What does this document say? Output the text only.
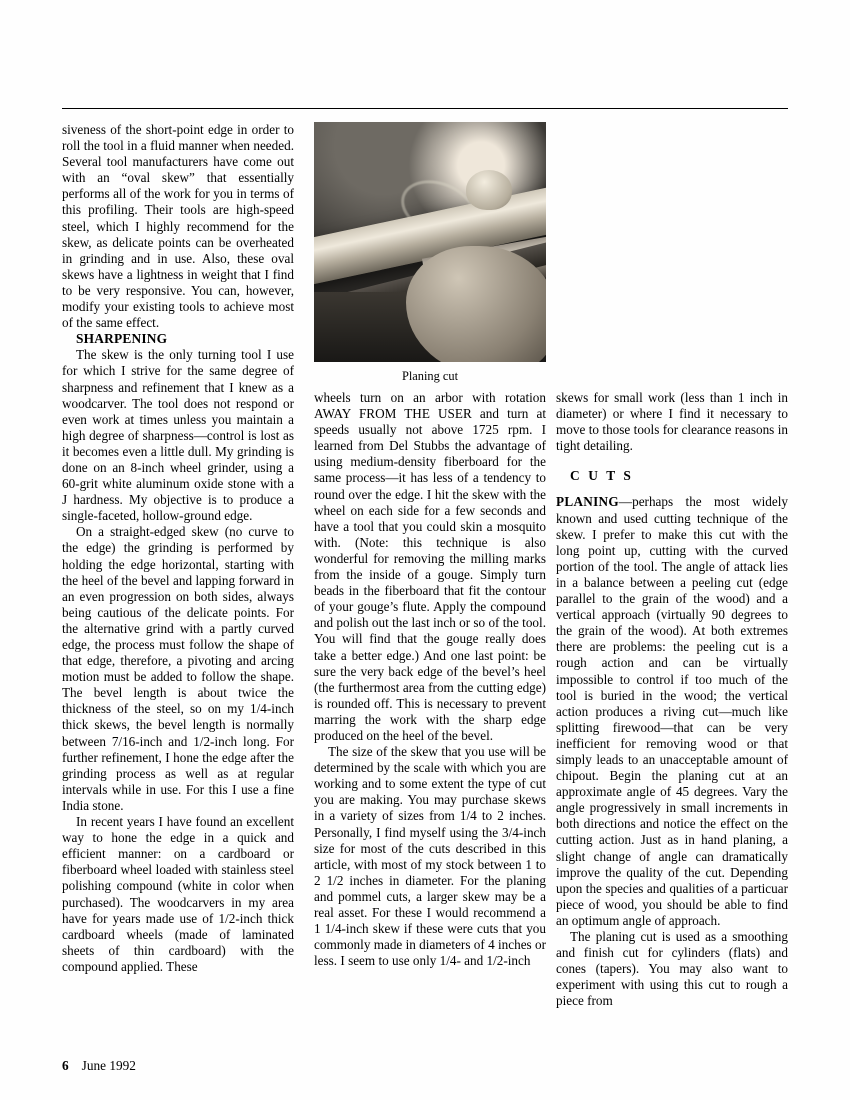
siveness of the short-point edge in order to roll the tool in a fluid manner when needed. Several tool manufacturers have come out with an “oval skew” that essentially performs all of the work for you in terms of this profiling. Their tools are high-speed steel, which I highly recommend for the skew, as delicate points can be overheated in grinding and in use. Also, these oval skews have a lightness in weight that I find to be very responsive. You can, however, modify your existing tools to achieve most of the same effect.

SHARPENING

The skew is the only turning tool I use for which I strive for the same degree of sharpness and refinement that I knew as a woodcarver. The tool does not respond or even work at times unless you maintain a high degree of sharpness—control is lost as it becomes even a little dull. My grinding is done on an 8-inch wheel grinder, using a 60-grit white aluminum oxide stone with a J hardness. My objective is to produce a single-faceted, hollow-ground edge.

On a straight-edged skew (no curve to the edge) the grinding is performed by holding the edge horizontal, starting with the heel of the bevel and lapping forward in an even progression on both sides, always being cautious of the delicate points. For the alternative grind with a partly curved edge, the process must follow the shape of that edge, therefore, a pivoting and arcing motion must be added to follow the shape. The bevel length is about twice the thickness of the steel, so on my 1/4-inch thick skews, the bevel length is normally between 7/16-inch and 1/2-inch long. For further refinement, I hone the edge after the grinding process as well as at regular intervals while in use. For this I use a fine India stone.

In recent years I have found an excellent way to hone the edge in a quick and efficient manner: on a cardboard or fiberboard wheel loaded with stainless steel polishing compound (white in color when purchased). The woodcarvers in my area have for years made use of 1/2-inch thick cardboard wheels (made of laminated sheets of thin cardboard) with the compound applied. These

Planing cut

wheels turn on an arbor with rotation AWAY FROM THE USER and turn at speeds usually not above 1725 rpm. I learned from Del Stubbs the advantage of using medium-density fiberboard for the same process—it has less of a tendency to round over the edge. I hit the skew with the wheel on each side for a few seconds and have a tool that you could skin a mosquito with. (Note: this technique is also wonderful for removing the milling marks from the inside of a gouge. Simply turn beads in the fiberboard that fit the contour of your gouge’s flute. Apply the compound and polish out the last inch or so of the tool. You will find that the gouge really does take a better edge.) And one last point: be sure the very back edge of the bevel’s heel (the furthermost area from the cutting edge) is rounded off. This is necessary to prevent marring the work with the sharp edge produced on the heel of the bevel.

The size of the skew that you use will be determined by the scale with which you are working and to some extent the type of cut you are making. You may purchase skews in a variety of sizes from 1/4 to 2 inches. Personally, I find myself using the 3/4-inch size for most of the cuts described in this article, with most of my stock between 1 to 2 1/2 inches in diameter. For the planing and pommel cuts, a larger skew may be a real asset. For these I would recommend a 1 1/4-inch skew if these were cuts that you commonly made in diameters of 4 inches or less. I seem to use only 1/4- and 1/2-inch

skews for small work (less than 1 inch in diameter) or where I find it necessary to move to those tools for clearance reasons in tight detailing.

C U T S

PLANING—perhaps the most widely known and used cutting technique of the skew. I prefer to make this cut with the long point up, cutting with the curved portion of the tool. The angle of attack lies in a balance between a peeling cut (edge parallel to the grain of the wood) and a vertical approach (virtually 90 degrees to the grain of the wood). At both extremes there are problems: the peeling cut is a rough action and can be virtually impossible to control if too much of the tool is buried in the wood; the vertical action produces a riving cut—much like splitting firewood—that can be very inefficient for removing wood or that simply leads to an unacceptable amount of chipout. Begin the planing cut at an approximate angle of 45 degrees. Vary the angle progressively in small increments in both directions and notice the effect on the cutting action. Just as in hand planing, a slight change of angle can dramatically improve the quality of the cut. Depending upon the species and qualities of a particuar piece of wood, you should be able to find an optimum angle of approach.

The planing cut is used as a smoothing and finish cut for cylinders (flats) and cones (tapers). You may also want to experiment with using this cut to rough a piece from

6 June 1992
